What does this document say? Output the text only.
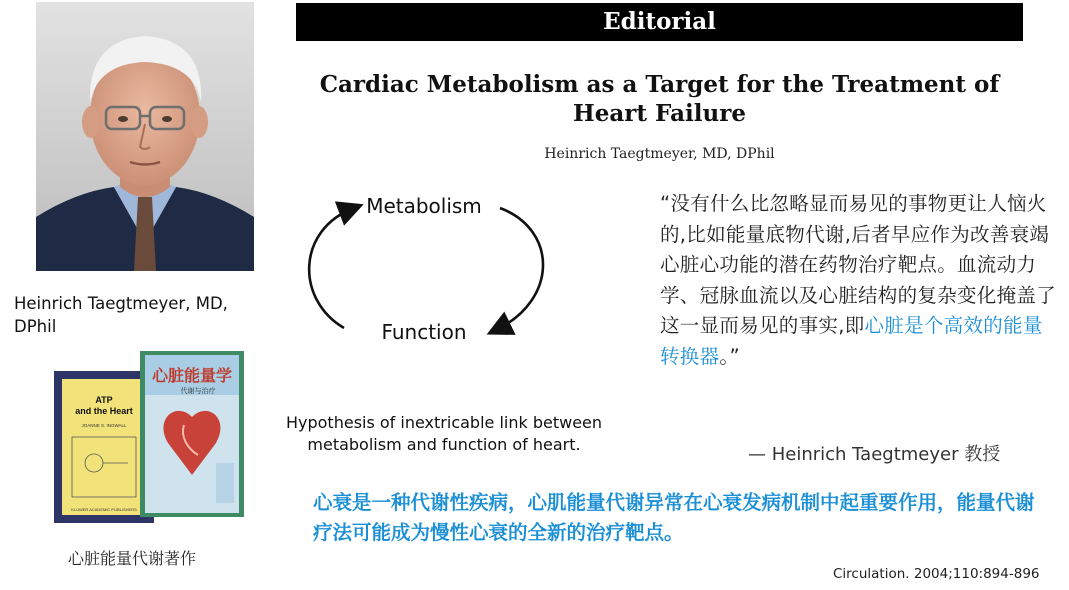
Heinrich Taegtmeyer, MD,
DPhil
ATP
and the Heart
JOANNE S. INGWALL
KLUWER ACADEMIC PUBLISHERS
心脏能量学
代谢与治疗
心脏能量代谢著作
Editorial
Cardiac Metabolism as a Target for the Treatment of
Heart Failure
Heinrich Taegtmeyer, MD, DPhil
Metabolism
Function
Hypothesis of inextricable link between
metabolism and function of heart.
“没有什么比忽略显而易见的事物更让人恼火的,比如能量底物代谢,后者早应作为改善衰竭心脏心功能的潜在药物治疗靶点。血流动力学、冠脉血流以及心脏结构的复杂变化掩盖了这一显而易见的事实,即心脏是个高效的能量转换器。”
— Heinrich Taegtmeyer 教授
心衰是一种代谢性疾病，心肌能量代谢异常在心衰发病机制中起重要作用，能量代谢疗法可能成为慢性心衰的全新的治疗靶点。
Circulation. 2004;110:894-896
